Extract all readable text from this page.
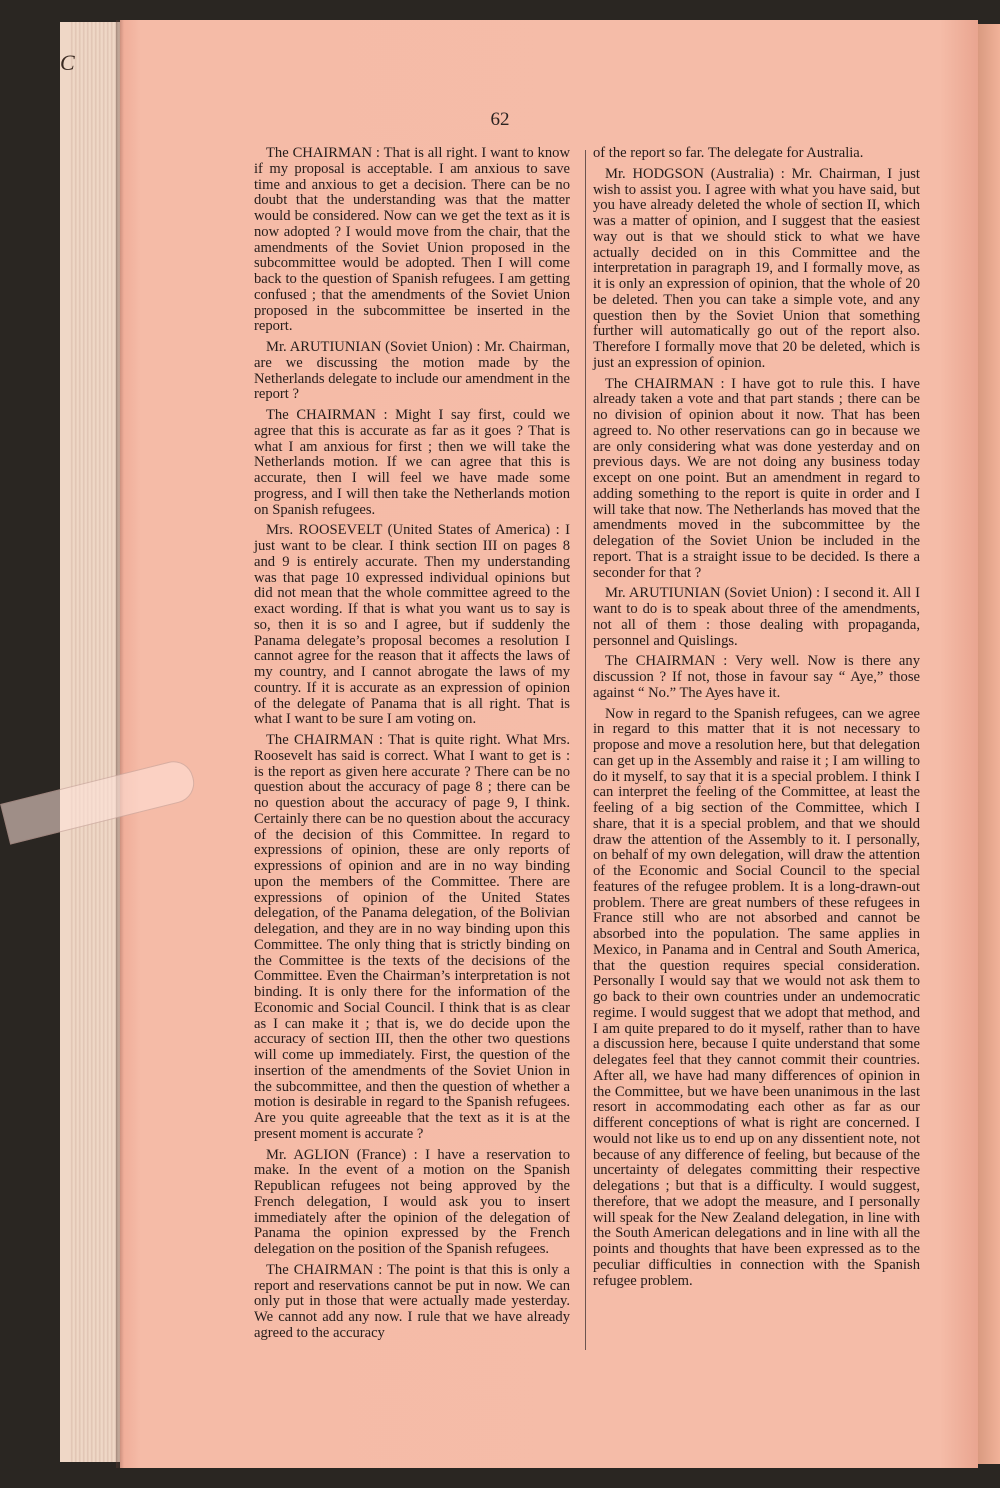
C
62

The CHAIRMAN : That is all right. I want to know if my proposal is acceptable. I am anxious to save time and anxious to get a decision. There can be no doubt that the understanding was that the matter would be considered. Now can we get the text as it is now adopted ? I would move from the chair, that the amendments of the Soviet Union proposed in the subcommittee would be adopted. Then I will come back to the question of Spanish refugees. I am getting confused ; that the amendments of the Soviet Union proposed in the subcommittee be inserted in the report.

Mr. ARUTIUNIAN (Soviet Union) : Mr. Chairman, are we discussing the motion made by the Netherlands delegate to include our amendment in the report ?

The CHAIRMAN : Might I say first, could we agree that this is accurate as far as it goes ? That is what I am anxious for first ; then we will take the Netherlands motion. If we can agree that this is accurate, then I will feel we have made some progress, and I will then take the Netherlands motion on Spanish refugees.

Mrs. ROOSEVELT (United States of America) : I just want to be clear. I think section III on pages 8 and 9 is entirely accurate. Then my understanding was that page 10 expressed individual opinions but did not mean that the whole committee agreed to the exact wording. If that is what you want us to say is so, then it is so and I agree, but if suddenly the Panama delegate’s proposal becomes a resolution I cannot agree for the reason that it affects the laws of my country, and I cannot abrogate the laws of my country. If it is accurate as an expression of opinion of the delegate of Panama that is all right. That is what I want to be sure I am voting on.

The CHAIRMAN : That is quite right. What Mrs. Roosevelt has said is correct. What I want to get is : is the report as given here accurate ? There can be no question about the accuracy of page 8 ; there can be no question about the accuracy of page 9, I think. Certainly there can be no question about the accuracy of the decision of this Committee. In regard to expressions of opinion, these are only reports of expressions of opinion and are in no way binding upon the members of the Committee. There are expressions of opinion of the United States delegation, of the Panama delegation, of the Bolivian delegation, and they are in no way binding upon this Committee. The only thing that is strictly binding on the Committee is the texts of the decisions of the Committee. Even the Chairman’s interpretation is not binding. It is only there for the information of the Economic and Social Council. I think that is as clear as I can make it ; that is, we do decide upon the accuracy of section III, then the other two questions will come up immediately. First, the question of the insertion of the amendments of the Soviet Union in the subcommittee, and then the question of whether a motion is desirable in regard to the Spanish refugees. Are you quite agreeable that the text as it is at the present moment is accurate ?

Mr. AGLION (France) : I have a reservation to make. In the event of a motion on the Spanish Republican refugees not being approved by the French delegation, I would ask you to insert immediately after the opinion of the delegation of Panama the opinion expressed by the French delegation on the position of the Spanish refugees.

The CHAIRMAN : The point is that this is only a report and reservations cannot be put in now. We can only put in those that were actually made yesterday. We cannot add any now. I rule that we have already agreed to the accuracy

of the report so far. The delegate for Australia.

Mr. HODGSON (Australia) : Mr. Chairman, I just wish to assist you. I agree with what you have said, but you have already deleted the whole of section II, which was a matter of opinion, and I suggest that the easiest way out is that we should stick to what we have actually decided on in this Committee and the interpretation in paragraph 19, and I formally move, as it is only an expression of opinion, that the whole of 20 be deleted. Then you can take a simple vote, and any question then by the Soviet Union that something further will automatically go out of the report also. Therefore I formally move that 20 be deleted, which is just an expression of opinion.

The CHAIRMAN : I have got to rule this. I have already taken a vote and that part stands ; there can be no division of opinion about it now. That has been agreed to. No other reservations can go in because we are only considering what was done yesterday and on previous days. We are not doing any business today except on one point. But an amendment in regard to adding something to the report is quite in order and I will take that now. The Netherlands has moved that the amendments moved in the subcommittee by the delegation of the Soviet Union be included in the report. That is a straight issue to be decided. Is there a seconder for that ?

Mr. ARUTIUNIAN (Soviet Union) : I second it. All I want to do is to speak about three of the amendments, not all of them : those dealing with propaganda, personnel and Quislings.

The CHAIRMAN : Very well. Now is there any discussion ? If not, those in favour say “ Aye,” those against “ No.” The Ayes have it.

Now in regard to the Spanish refugees, can we agree in regard to this matter that it is not necessary to propose and move a resolution here, but that delegation can get up in the Assembly and raise it ; I am willing to do it myself, to say that it is a special problem. I think I can interpret the feeling of the Committee, at least the feeling of a big section of the Committee, which I share, that it is a special problem, and that we should draw the attention of the Assembly to it. I personally, on behalf of my own delegation, will draw the attention of the Economic and Social Council to the special features of the refugee problem. It is a long-drawn-out problem. There are great numbers of these refugees in France still who are not absorbed and cannot be absorbed into the population. The same applies in Mexico, in Panama and in Central and South America, that the question requires special consideration. Personally I would say that we would not ask them to go back to their own countries under an undemocratic regime. I would suggest that we adopt that method, and I am quite prepared to do it myself, rather than to have a discussion here, because I quite understand that some delegates feel that they cannot commit their countries. After all, we have had many differences of opinion in the Committee, but we have been unanimous in the last resort in accommodating each other as far as our different conceptions of what is right are concerned. I would not like us to end up on any dissentient note, not because of any difference of feeling, but because of the uncertainty of delegates committing their respective delegations ; but that is a difficulty. I would suggest, therefore, that we adopt the measure, and I personally will speak for the New Zealand delegation, in line with the South American delegations and in line with all the points and thoughts that have been expressed as to the peculiar difficulties in connection with the Spanish refugee problem.
